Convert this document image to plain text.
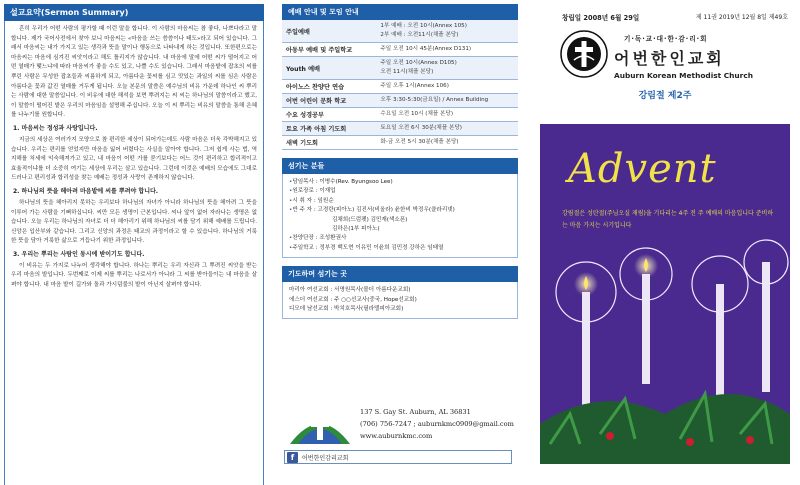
설교요약(Sermon Summary)

흔히 우리가 어떤 사람의 평가할 때 이런 말을 합니다. 이 사람의 마음씨는 참 좋다, 나쁘다라고 말합니다. 제가 국어사전에서 찾아 보니 마음씨는 «마음을 쓰는 씀씀이나 태도»라고 되어 있습니다. 그래서 마음씨는 내가 가지고 있는 생각과 뜻을 말이나 행동으로 나타내게 하는 것입니다. 또한편으로는 마음씨는 마음에 심겨진 씨앗이라고 해도 틀리지가 않습니다. 내 마음에 말에 어떤 씨가 떨어지고 어떤 열매가 맺느냐에 따라 마음씨가 좋을 수도 있고, 나쁠 수도 있습니다. 그래서 마음밭에 잡초의 씨를 뿌린 사람은 무성한 잡초들과 씨름하게 되고, 아름다운 꽃씨를 심고 맛있는 과일의 씨를 심은 사람은 아름다운 꽃과 값진 열매를 거두게 됩니다. 오늘 본문의 말씀은 예수님의 비유 가운데 하나인 씨 뿌리는 사람에 대한 말씀입니다. 이 비유에 대한 해석을 보면 뿌려지는 씨 씨는 하나님의 말씀이라고 했고, 이 말씀이 떨어진 밭은 우리의 마음임을 설명해 주십니다. 오늘 이 씨 뿌리는 비유의 말씀을 통해 은혜를 나누기를 원합니다.

1. 마음씨는 정성과 사랑입니다.

지금의 세상은 여러가지 모양으로 참 편리한 세상이 되어가는데도 사람 마음은 더욱 각박해지고 있습니다. 우리는 편리를 얻었지만 마음을 잃어 버렸다는 사실을 알아야 합니다. 그저 쉽게 사는 법, 역지해를 처세에 익숙해져가고 있고, 내 마음이 어떤 가를 묻기보다는 어느 것이 편리하고 합리적이고 효율적이냐를 더 소중히 여기는 세상에 우리는 살고 있습니다. 그런데 이것은 예배의 모습에도 그대로 드러나고 편리성과 합리성을 찾는 예배는 정성과 사랑이 존재하지 않습니다.

2. 하나님의 뜻을 헤아려 마음밭에 씨를 뿌려야 합니다.

하나님의 뜻을 헤아리지 못하는 우리보다 하나님의 자녀가 아니라 하나님의 뜻을 헤아려 그 뜻을 이루어 가는 사람을 기뻐하십니다. 씨만 모든 생명이 근본입니다. 씨나 앞이 없어 자라나는 생명은 없습니다. 오늘 우리는 하나님의 자녀로 더 더 헤아리기 위해 하나님의 씨를 담기 위해 예배를 드립니다. 신앙은 입산부와 같습니다. 그리고 신앙의 과정은 태교의 과정이라고 할 수 있습니다. 하나님의 거룩한 뜻을 담아 거룩한 삶으로 거듭나기 위한 과정입니다.

3. 우리는 뿌리는 사람인 동시에 받이기도 합니다.

이 비유는 두 가지로 나누어 생각해야 합니다. 하나는 뿌리는 우리 자신과 그 뿌려진 씨앗을 받는 우리 마음의 밭입니다. 두번째로 이제 씨를 뿌리는 나로서가 아니라 그 씨를 받아들이는 내 마음을 살펴야 합니다. 내 마음 밭이 길가와 돌과 가시덤불의 밭이 아닌지 살펴야 합니다.

예배 안내 및 모임 안내
주일예배	1부 예배 : 오전 10시(Annex 105)
2부 예배 : 오전11시(채플 본당)
아동부 예배 및 주일학교	주일 오전 10시 45분(Annex D131)
Youth 예배	주일 오전 10시(Annex D105)
오전 11시(채플 본당)
아이노스 찬양단 연습	주일 오후 1시(Annex 106)
어번 어린이 문화 학교	오후 3:30-5:30(금요일) / Annex Building
수요 성경공부	수요일 오전 10시 (채플 본당)
토요 가족 아침 기도회	토요일 오전 6시 30분(채플 본당)
새벽 기도회	화-금 오전 5시 30분(채플 본당)
섬기는 분들
• 담임목사 : 이병수(Rev. Byungsoo Lee)
• 원로장로 : 이재업
• 시 취 자 : 임원순
• 반 주 자 : 고경란(피아노) 김진서(비올라) 윤한비 박정우(클라리넷)
김채희(드럼펫) 김민재(색소폰)
김하은(1부 피아노)
• 찬양단장 : 조성환권사
• 주일학교 : 정부경 백도현 이유민 이윤희 김민정 강하은 임태열
기도하며 섬기는 곳
마리아 여선교회 : 서명원목사(볼더 아름다운교회)
에스더 여선교회 : 주 ○○선교사(중국, Hope선교회)
디모데 남선교회 : 박치호목사(필라델피아교회)
137 S. Gay St. Auburn, AL 36831
(706) 756-7247 ; auburnkmc0909@gmail.com
www.auburnkmc.com
f	어번한인감리교회
창립일 2008년 6월 29일	제 11권 2019년 12월 8일 제49호
기·독·교·대·한·감·리·회
어번한인교회
Auburn Korean Methodist Church
강림절 제2주
Advent
강림절은 성탄절(주님오실 재림)을 기다리는 4주 전 주 예배의 마음입니다 준비하는 마음 가지는 시기입니다
